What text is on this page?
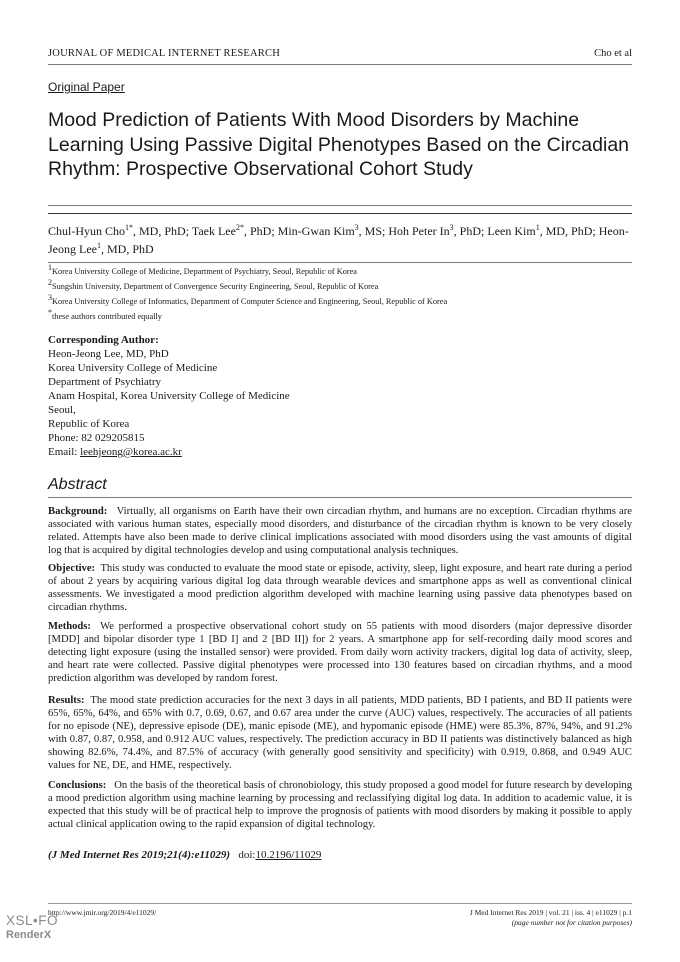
JOURNAL OF MEDICAL INTERNET RESEARCH	Cho et al
Original Paper
Mood Prediction of Patients With Mood Disorders by Machine Learning Using Passive Digital Phenotypes Based on the Circadian Rhythm: Prospective Observational Cohort Study
Chul-Hyun Cho$^{1*}$, MD, PhD; Taek Lee$^{2*}$, PhD; Min-Gwan Kim$^3$, MS; Hoh Peter In$^3$, PhD; Leen Kim$^1$, MD, PhD; Heon-Jeong Lee$^1$, MD, PhD
$^1$Korea University College of Medicine, Department of Psychiatry, Seoul, Republic of Korea
$^2$Sungshin University, Department of Convergence Security Engineering, Seoul, Republic of Korea
$^3$Korea University College of Informatics, Department of Computer Science and Engineering, Seoul, Republic of Korea
*these authors contributed equally
Corresponding Author:
Heon-Jeong Lee, MD, PhD
Korea University College of Medicine
Department of Psychiatry
Anam Hospital, Korea University College of Medicine
Seoul,
Republic of Korea
Phone: 82 029205815
Email: leehjeong@korea.ac.kr
Abstract
Background: Virtually, all organisms on Earth have their own circadian rhythm, and humans are no exception. Circadian rhythms are associated with various human states, especially mood disorders, and disturbance of the circadian rhythm is known to be very closely related. Attempts have also been made to derive clinical implications associated with mood disorders using the vast amounts of digital log that is acquired by digital technologies develop and using computational analysis techniques.
Objective: This study was conducted to evaluate the mood state or episode, activity, sleep, light exposure, and heart rate during a period of about 2 years by acquiring various digital log data through wearable devices and smartphone apps as well as conventional clinical assessments. We investigated a mood prediction algorithm developed with machine learning using passive data phenotypes based on circadian rhythms.
Methods: We performed a prospective observational cohort study on 55 patients with mood disorders (major depressive disorder [MDD] and bipolar disorder type 1 [BD I] and 2 [BD II]) for 2 years. A smartphone app for self-recording daily mood scores and detecting light exposure (using the installed sensor) were provided. From daily worn activity trackers, digital log data of activity, sleep, and heart rate were collected. Passive digital phenotypes were processed into 130 features based on circadian rhythms, and a mood prediction algorithm was developed by random forest.
Results: The mood state prediction accuracies for the next 3 days in all patients, MDD patients, BD I patients, and BD II patients were 65%, 65%, 64%, and 65% with 0.7, 0.69, 0.67, and 0.67 area under the curve (AUC) values, respectively. The accuracies of all patients for no episode (NE), depressive episode (DE), manic episode (ME), and hypomanic episode (HME) were 85.3%, 87%, 94%, and 91.2% with 0.87, 0.87, 0.958, and 0.912 AUC values, respectively. The prediction accuracy in BD II patients was distinctively balanced as high showing 82.6%, 74.4%, and 87.5% of accuracy (with generally good sensitivity and specificity) with 0.919, 0.868, and 0.949 AUC values for NE, DE, and HME, respectively.
Conclusions: On the basis of the theoretical basis of chronobiology, this study proposed a good model for future research by developing a mood prediction algorithm using machine learning by processing and reclassifying digital log data. In addition to academic value, it is expected that this study will be of practical help to improve the prognosis of patients with mood disorders by making it possible to apply actual clinical application owing to the rapid expansion of digital technology.
(J Med Internet Res 2019;21(4):e11029) doi:10.2196/11029
http://www.jmir.org/2019/4/e11029/	J Med Internet Res 2019 | vol. 21 | iss. 4 | e11029 | p.1
(page number not for citation purposes)
XSL•FO
RenderX
